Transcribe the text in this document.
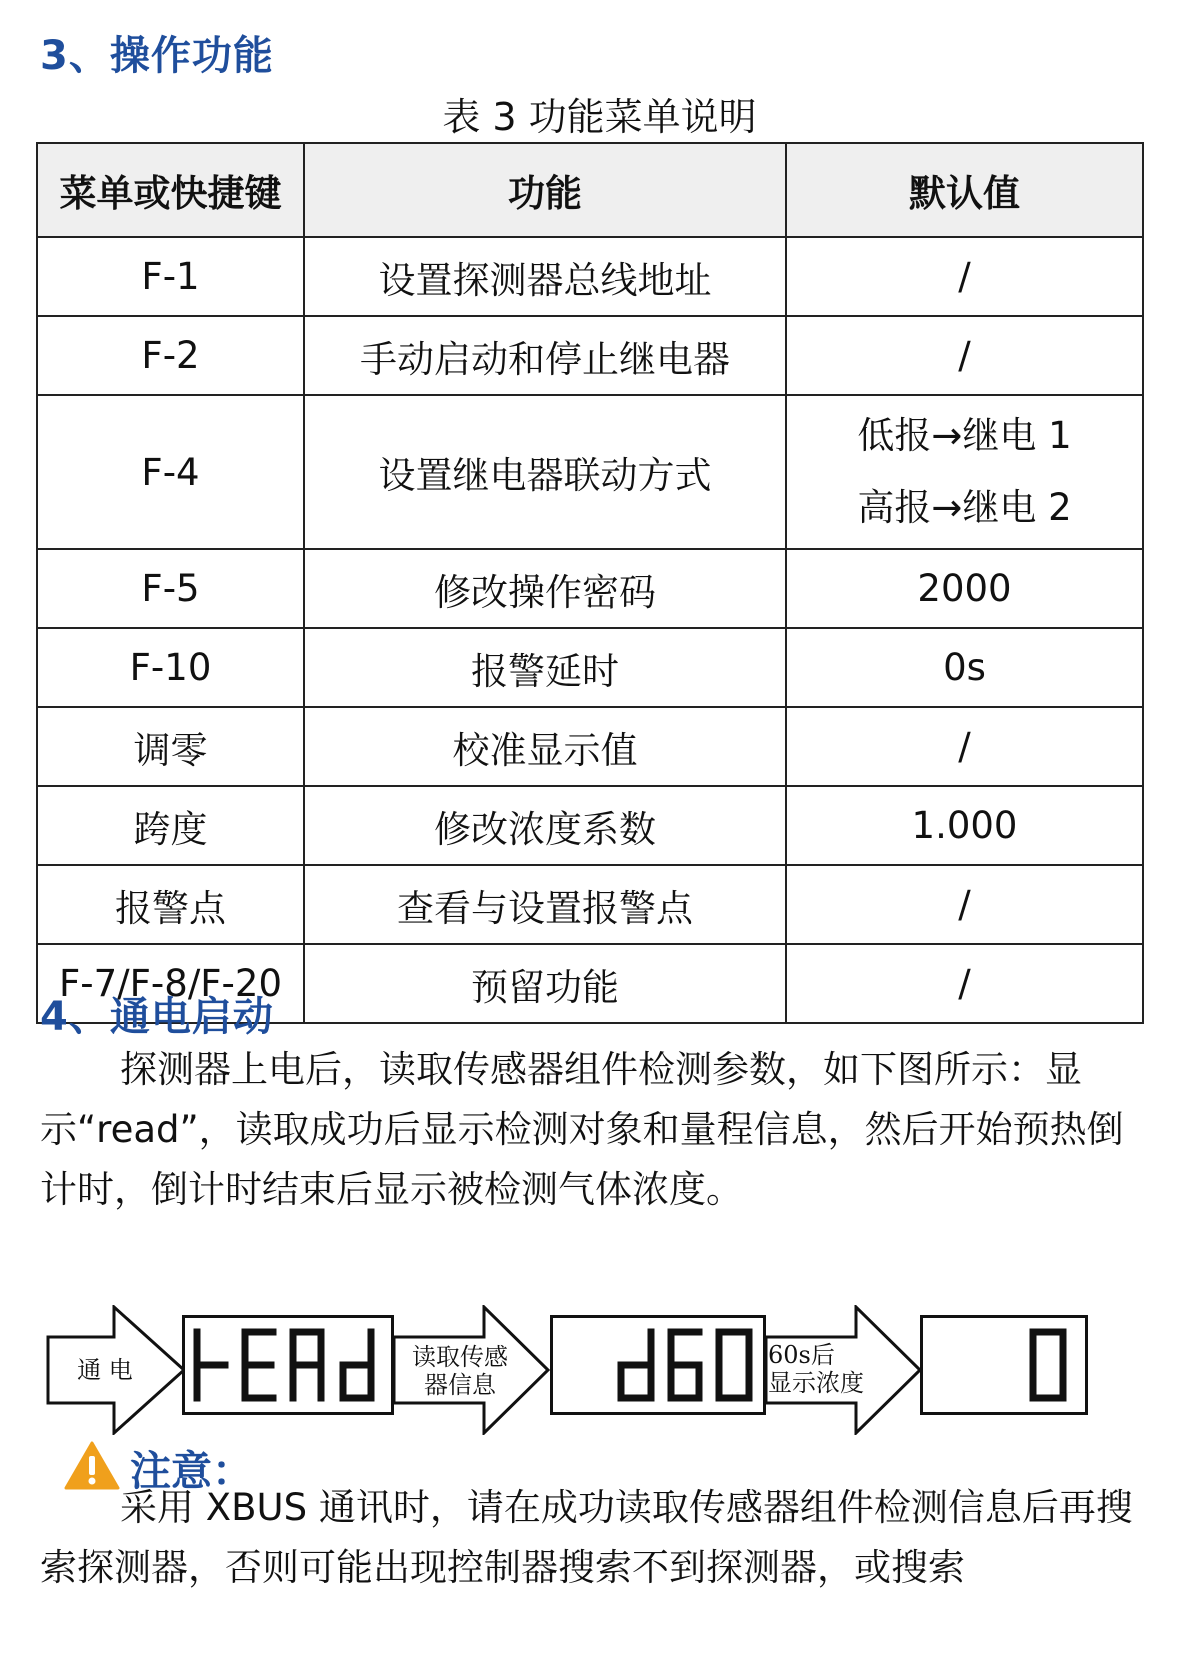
3、操作功能
表 3 功能菜单说明
菜单或快捷键	功能	默认值
F-1	设置探测器总线地址	/
F-2	手动启动和停止继电器	/
F-4	设置继电器联动方式	低报→继电 1
高报→继电 2

F-5	修改操作密码	2000
F-10	报警延时	0s
调零	校准显示值	/
跨度	修改浓度系数	1.000
报警点	查看与设置报警点	/
F-7/F-8/F-20	预留功能	/
4、通电启动

探测器上电后，读取传感器组件检测参数，如下图所示：显示“read”，读取成功后显示检测对象和量程信息，然后开始预热倒计时，倒计时结束后显示被检测气体浓度。

通 电	读取传感
器信息
60s后
显示浓度
注意：

采用 XBUS 通讯时，请在成功读取传感器组件检测信息后再搜索探测器，否则可能出现控制器搜索不到探测器，或搜索
